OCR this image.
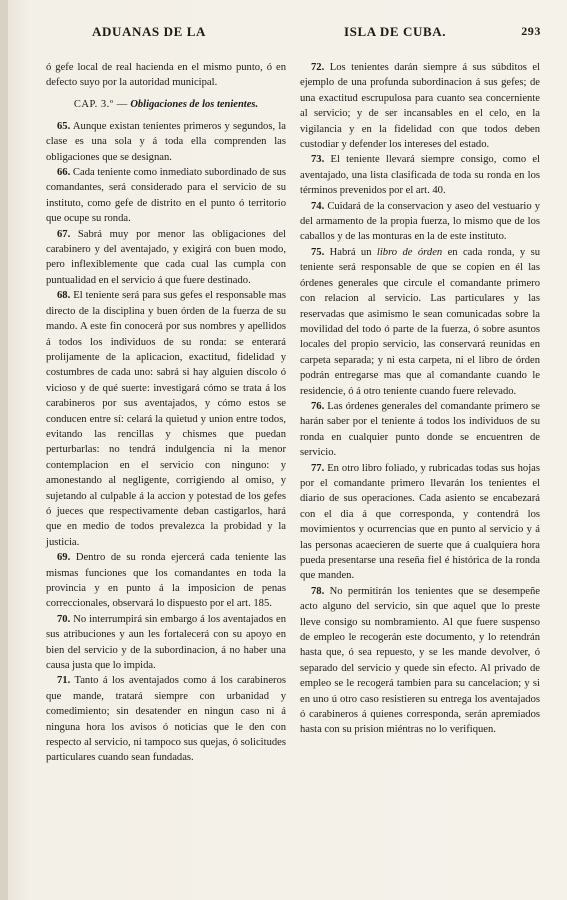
ADUANAS DE LA	ISLA DE CUBA.	293

ó gefe local de real hacienda en el mismo punto, ó en defecto suyo por la autoridad municipal.

CAP. 3.º — Obligaciones de los tenientes.

65. Aunque existan tenientes primeros y segundos, la clase es una sola y á toda ella comprenden las obligaciones que se designan.

66. Cada teniente como inmediato subordinado de sus comandantes, será considerado para el servicio de su instituto, como gefe de distrito en el punto ó territorio que ocupe su ronda.

67. Sabrá muy por menor las obligaciones del carabinero y del aventajado, y exigirá con buen modo, pero inflexiblemente que cada cual las cumpla con puntualidad en el servicio á que fuere destinado.

68. El teniente será para sus gefes el responsable mas directo de la disciplina y buen órden de la fuerza de su mando. A este fin conocerá por sus nombres y apellidos á todos los individuos de su ronda: se enterará prolijamente de la aplicacion, exactitud, fidelidad y costumbres de cada uno: sabrá si hay alguien díscolo ó vicioso y de qué suerte: investigará cómo se trata á los carabineros por sus aventajados, y cómo estos se conducen entre sí: celará la quietud y union entre todos, evitando las rencillas y chismes que puedan perturbarlas: no tendrá indulgencia ni la menor contemplacion en el servicio con ninguno: y amonestando al negligente, corrigiendo al omiso, y sujetando al culpable á la accion y potestad de los gefes ó jueces que respectivamente deban castigarlos, hará que en medio de todos prevalezca la probidad y la justicia.

69. Dentro de su ronda ejercerá cada teniente las mismas funciones que los comandantes en toda la provincia y en punto á la imposicion de penas correccionales, observará lo dispuesto por el art. 185.

70. No interrumpirá sin embargo á los aventajados en sus atribuciones y aun les fortalecerá con su apoyo en bien del servicio y de la subordinacion, á no haber una causa justa que lo impida.

71. Tanto á los aventajados como á los carabineros que mande, tratará siempre con urbanidad y comedimiento; sin desatender en ningun caso ni á ninguna hora los avisos ó noticias que le den con respecto al servicio, ni tampoco sus quejas, ó solicitudes particulares cuando sean fundadas.

72. Los tenientes darán siempre á sus súbditos el ejemplo de una profunda subordinacion á sus gefes; de una exactitud escrupulosa para cuanto sea concerniente al servicio; y de ser incansables en el celo, en la vigilancia y en la fidelidad con que todos deben custodiar y defender los intereses del estado.

73. El teniente llevará siempre consigo, como el aventajado, una lista clasificada de toda su ronda en los términos prevenidos por el art. 40.

74. Cuidará de la conservacion y aseo del vestuario y del armamento de la propia fuerza, lo mismo que de los caballos y de las monturas en la de este instituto.

75. Habrá un libro de órden en cada ronda, y su teniente será responsable de que se copien en él las órdenes generales que circule el comandante primero con relacion al servicio. Las particulares y las reservadas que asimismo le sean comunicadas sobre la movilidad del todo ó parte de la fuerza, ó sobre asuntos locales del propio servicio, las conservará reunidas en carpeta separada; y ni esta carpeta, ni el libro de órden podrán entregarse mas que al comandante cuando le residencie, ó á otro teniente cuando fuere relevado.

76. Las órdenes generales del comandante primero se harán saber por el teniente á todos los individuos de su ronda en cualquier punto donde se encuentren de servicio.

77. En otro libro foliado, y rubricadas todas sus hojas por el comandante primero llevarán los tenientes el diario de sus operaciones. Cada asiento se encabezará con el dia á que corresponda, y contendrá los movimientos y ocurrencias que en punto al servicio y á las personas acaecieren de suerte que á cualquiera hora pueda presentarse una reseña fiel é histórica de la ronda que manden.

78. No permitirán los tenientes que se desempeñe acto alguno del servicio, sin que aquel que lo preste lleve consigo su nombramiento. Al que fuere suspenso de empleo le recogerán este documento, y lo retendrán hasta que, ó sea repuesto, y se les mande devolver, ó separado del servicio y quede sin efecto. Al privado de empleo se le recogerá tambien para su cancelacion; y si en uno ú otro caso resistieren su entrega los aventajados ó carabineros á quienes corresponda, serán apremiados hasta con su prision miéntras no lo verifiquen.
